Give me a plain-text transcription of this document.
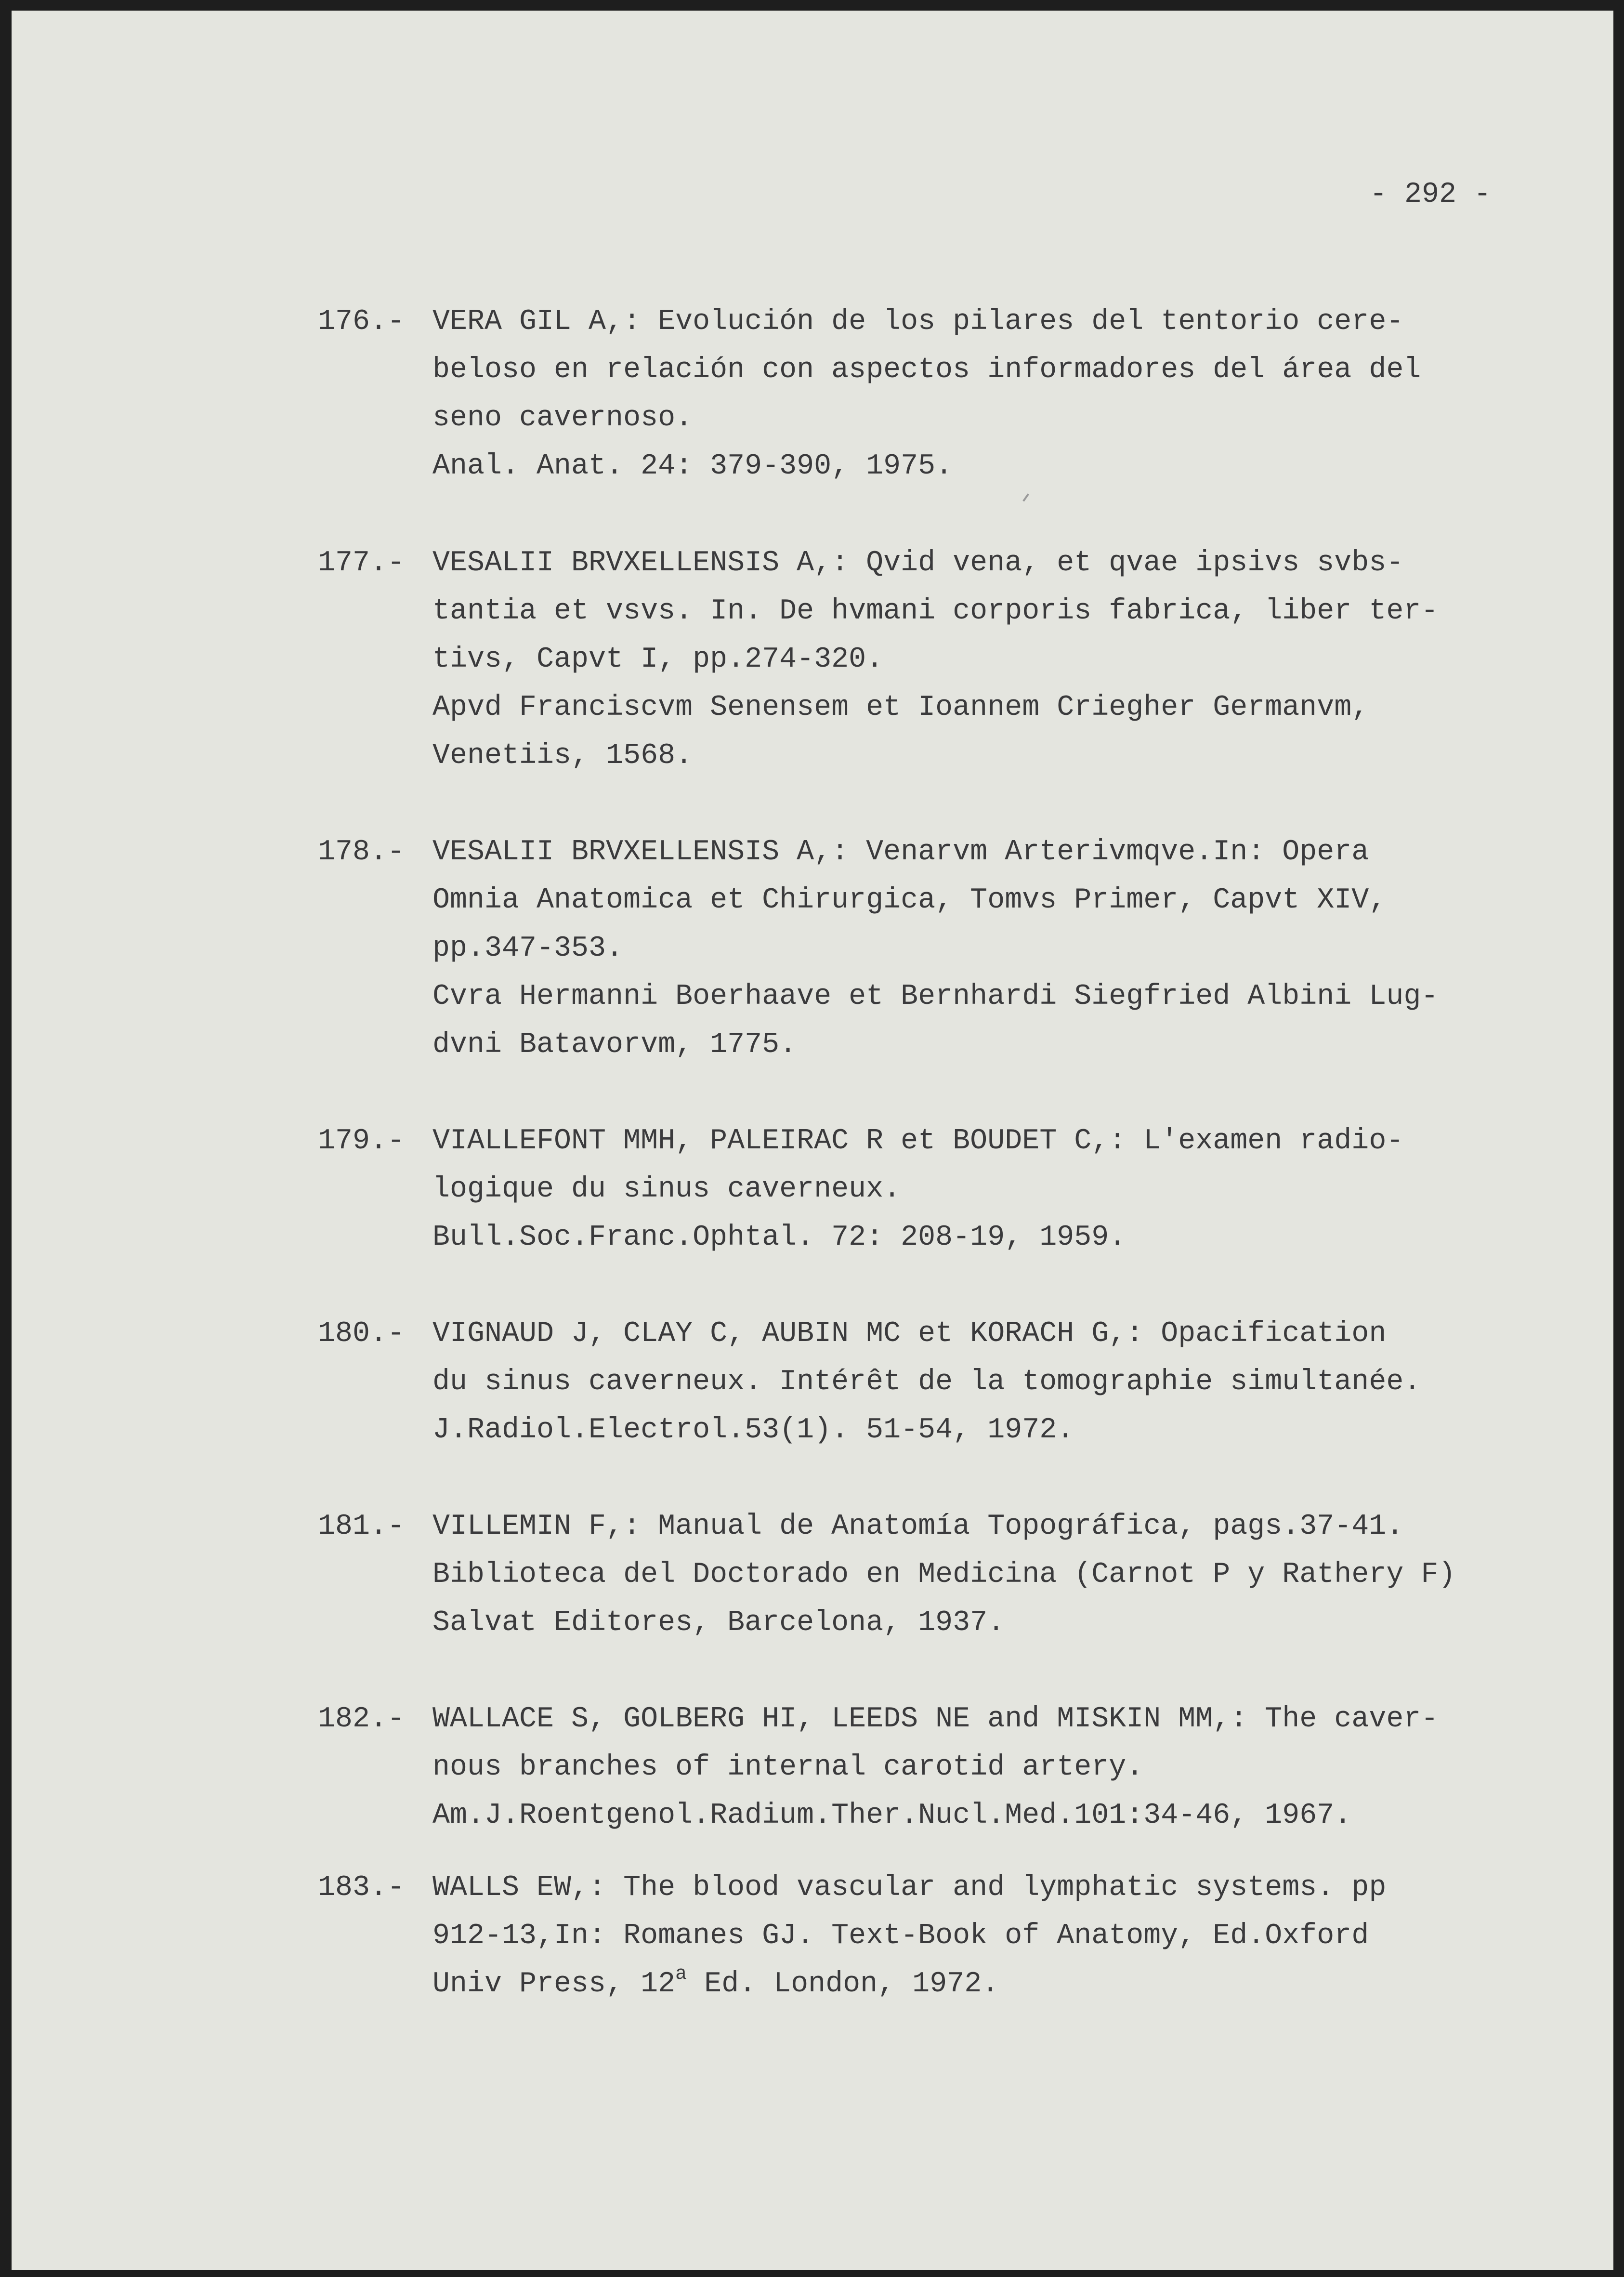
- 292 -
176.- VERA GIL A,: Evolución de los pilares del tentorio cere-
beloso en relación con aspectos informadores del área del
seno cavernoso.
Anal. Anat. 24: 379-390, 1975.
177.- VESALII BRVXELLENSIS A,: Qvid vena, et qvae ipsivs svbs-
tantia et vsvs. In. De hvmani corporis fabrica, liber ter-
tivs, Capvt I, pp.274-320.
Apvd Franciscvm Senensem et Ioannem Criegher Germanvm,
Venetiis, 1568.
178.- VESALII BRVXELLENSIS A,: Venarvm Arterivmqve.In: Opera
Omnia Anatomica et Chirurgica, Tomvs Primer, Capvt XIV,
pp.347-353.
Cvra Hermanni Boerhaave et Bernhardi Siegfried Albini Lug-
dvni Batavorvm, 1775.
179.- VIALLEFONT MMH, PALEIRAC R et BOUDET C,: L'examen radio-
logique du sinus caverneux.
Bull.Soc.Franc.Ophtal. 72: 208-19, 1959.
180.- VIGNAUD J, CLAY C, AUBIN MC et KORACH G,: Opacification
du sinus caverneux. Intérêt de la tomographie simultanée.
J.Radiol.Electrol.53(1). 51-54, 1972.
181.- VILLEMIN F,: Manual de Anatomía Topográfica, pags.37-41.
Biblioteca del Doctorado en Medicina (Carnot P y Rathery F)
Salvat Editores, Barcelona, 1937.
182.- WALLACE S, GOLBERG HI, LEEDS NE and MISKIN MM,: The caver-
nous branches of internal carotid artery.
Am.J.Roentgenol.Radium.Ther.Nucl.Med.101:34-46, 1967.
183.- WALLS EW,: The blood vascular and lymphatic systems. pp
912-13,In: Romanes GJ. Text-Book of Anatomy, Ed.Oxford
Univ Press, 12$^a$ Ed. London, 1972.
